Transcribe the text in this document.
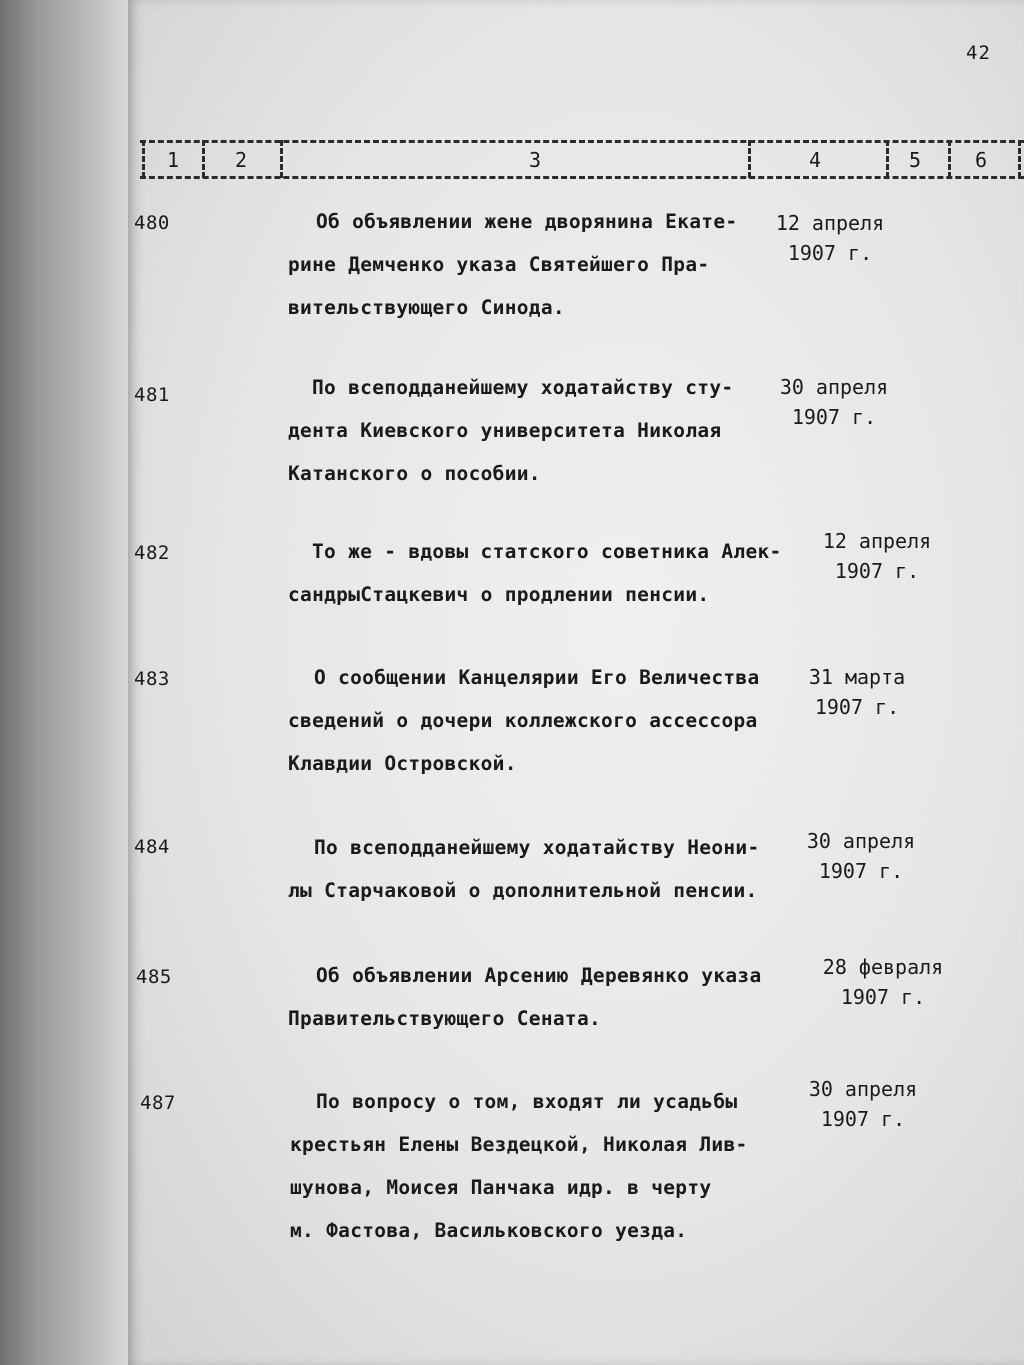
42
1	2	3	4	5	6
480	Об объявлении жене дворянина Екате-
рине Демченко указа Святейшего Пра-
вительствующего Синода.
12 апреля
1907 г.
481	По всеподданейшему ходатайству сту-
дента Киевского университета Николая
Катанского о пособии.
30 апреля
1907 г.
482	То же - вдовы статского советника Алек-
сандрыСтацкевич о продлении пенсии.
12 апреля
1907 г.
483	О сообщении Канцелярии Его Величества
сведений о дочери коллежского ассессора
Клавдии Островской.
31 марта
1907 г.
484	По всеподданейшему ходатайству Неони-
лы Старчаковой о дополнительной пенсии.
30 апреля
1907 г.
485	Об объявлении Арсению Деревянко указа
Правительствующего Сената.
28 февраля
1907 г.
487	По вопросу о том, входят ли усадьбы
крестьян Елены Вездецкой, Николая Лив-
шунова, Моисея Панчака идр. в черту
м. Фастова, Васильковского уезда.
30 апреля
1907 г.
